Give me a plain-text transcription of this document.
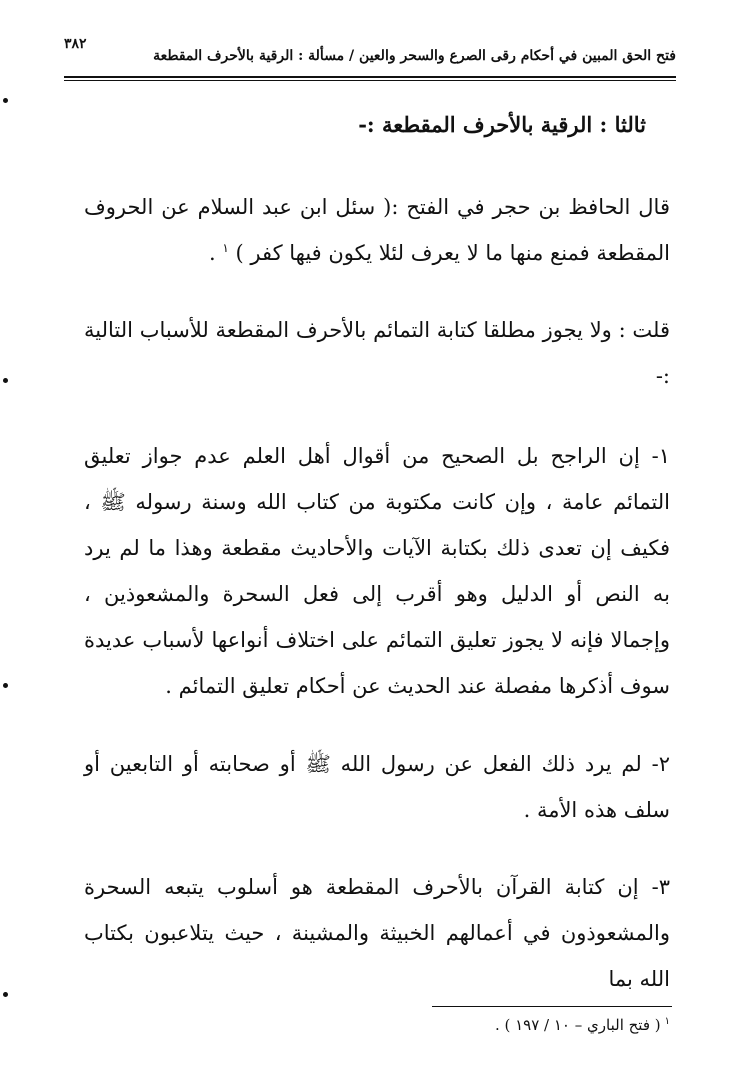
٣٨٢
فتح الحق المبين في أحكام رقى الصرع والسحر والعين / مسألة : الرقية بالأحرف المقطعة
ثالثا : الرقية بالأحرف المقطعة :-
قال الحافظ بن حجر في الفتح :( سئل ابن عبد السلام عن الحروف المقطعة فمنع منها ما لا يعرف لئلا يكون فيها كفر ) $^١$ .
قلت : ولا يجوز مطلقا كتابة التمائم بالأحرف المقطعة للأسباب التالية :-
١- إن الراجح بل الصحيح من أقوال أهل العلم عدم جواز تعليق التمائم عامة ، وإن كانت مكتوبة من كتاب الله وسنة رسوله ﷺ ، فكيف إن تعدى ذلك بكتابة الآيات والأحاديث مقطعة وهذا ما لم يرد به النص أو الدليل وهو أقرب إلى فعل السحرة والمشعوذين ، وإجمالا فإنه لا يجوز تعليق التمائم على اختلاف أنواعها لأسباب عديدة سوف أذكرها مفصلة عند الحديث عن أحكام تعليق التمائم .
٢- لم يرد ذلك الفعل عن رسول الله ﷺ أو صحابته أو التابعين أو سلف هذه الأمة .
٣- إن كتابة القرآن بالأحرف المقطعة هو أسلوب يتبعه السحرة والمشعوذون في أعمالهم الخبيثة والمشينة ، حيث يتلاعبون بكتاب الله بما
$^١$( فتح الباري – ١٠ / ١٩٧ ) .
